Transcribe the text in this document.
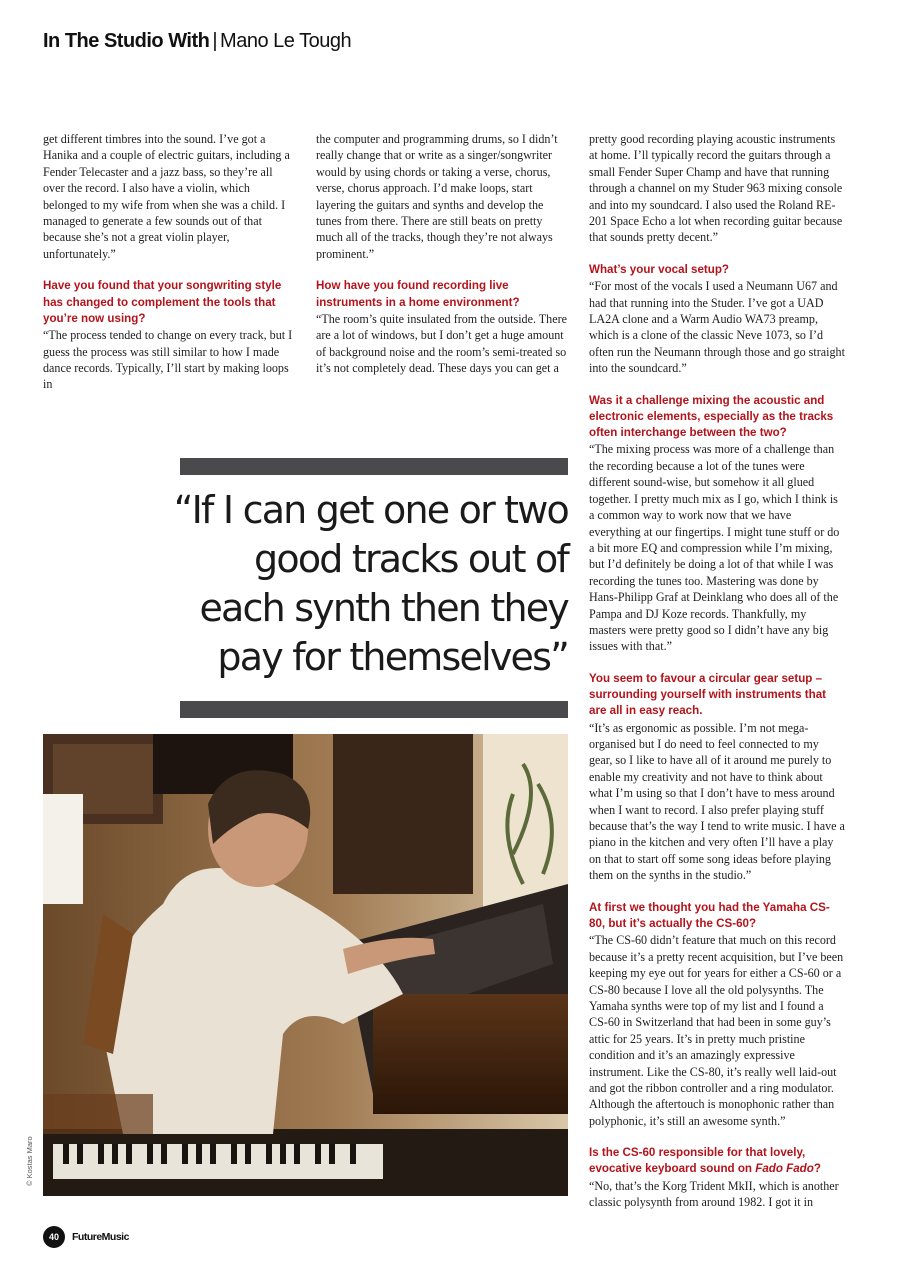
In The Studio With | Mano Le Tough

get different timbres into the sound. I’ve got a Hanika and a couple of electric guitars, including a Fender Telecaster and a jazz bass, so they’re all over the record. I also have a violin, which belonged to my wife from when she was a child. I managed to generate a few sounds out of that because she’s not a great violin player, unfortunately.”

Have you found that your songwriting style has changed to complement the tools that you’re now using?

“The process tended to change on every track, but I guess the process was still similar to how I made dance records. Typically, I’ll start by making loops in

the computer and programming drums, so I didn’t really change that or write as a singer/songwriter would by using chords or taking a verse, chorus, verse, chorus approach. I’d make loops, start layering the guitars and synths and develop the tunes from there. There are still beats on pretty much all of the tracks, though they’re not always prominent.”

How have you found recording live instruments in a home environment?

“The room’s quite insulated from the outside. There are a lot of windows, but I don’t get a huge amount of background noise and the room’s semi-treated so it’s not completely dead. These days you can get a

pretty good recording playing acoustic instruments at home. I’ll typically record the guitars through a small Fender Super Champ and have that running through a channel on my Studer 963 mixing console and into my soundcard. I also used the Roland RE-201 Space Echo a lot when recording guitar because that sounds pretty decent.”

What’s your vocal setup?

“For most of the vocals I used a Neumann U67 and had that running into the Studer. I’ve got a UAD LA2A clone and a Warm Audio WA73 preamp, which is a clone of the classic Neve 1073, so I’d often run the Neumann through those and go straight into the soundcard.”

Was it a challenge mixing the acoustic and electronic elements, especially as the tracks often interchange between the two?

“The mixing process was more of a challenge than the recording because a lot of the tunes were different sound-wise, but somehow it all glued together. I pretty much mix as I go, which I think is a common way to work now that we have everything at our fingertips. I might tune stuff or do a bit more EQ and compression while I’m mixing, but I’d definitely be doing a lot of that while I was recording the tunes too. Mastering was done by Hans-Philipp Graf at Deinklang who does all of the Pampa and DJ Koze records. Thankfully, my masters were pretty good so I didn’t have any big issues with that.”

You seem to favour a circular gear setup – surrounding yourself with instruments that are all in easy reach.

“It’s as ergonomic as possible. I’m not mega-organised but I do need to feel connected to my gear, so I like to have all of it around me purely to enable my creativity and not have to think about what I’m using so that I don’t have to mess around when I want to record. I also prefer playing stuff because that’s the way I tend to write music. I have a piano in the kitchen and very often I’ll have a play on that to start off some song ideas before playing them on the synths in the studio.”

At first we thought you had the Yamaha CS-80, but it’s actually the CS-60?

“The CS-60 didn’t feature that much on this record because it’s a pretty recent acquisition, but I’ve been keeping my eye out for years for either a CS-60 or a CS-80 because I love all the old polysynths. The Yamaha synths were top of my list and I found a CS-60 in Switzerland that had been in some guy’s attic for 25 years. It’s in pretty much pristine condition and it’s an amazingly expressive instrument. Like the CS-80, it’s really well laid-out and got the ribbon controller and a ring modulator. Although the aftertouch is monophonic rather than polyphonic, it’s still an awesome synth.”

Is the CS-60 responsible for that lovely, evocative keyboard sound on Fado Fado?

“No, that’s the Korg Trident MkII, which is another classic polysynth from around 1982. I got it in

“If I can get one or two good tracks out of each synth then they pay for themselves”
© Kostas Maro
40 FutureMusic
